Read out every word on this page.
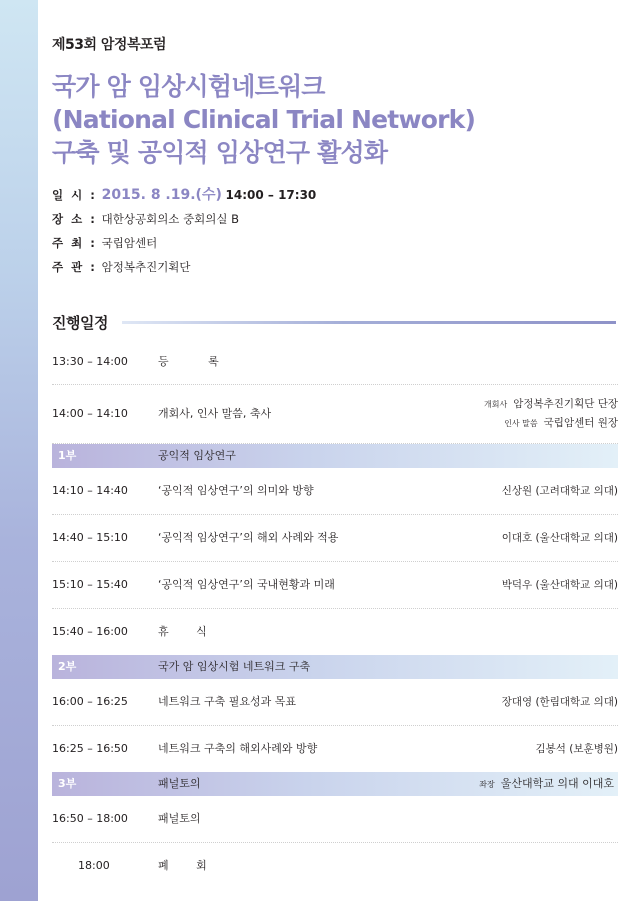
제53회 암정복포럼
국가 암 임상시험네트워크
(National Clinical Trial Network)
구축 및 공익적 임상연구 활성화
일 시 : 2015. 8 .19.(수) 14:00 – 17:30
장 소 : 대한상공회의소 중회의실 B
주 최 : 국립암센터
주 관 : 암정복추진기획단
진행일정
13:30 – 14:00	등 록
14:00 – 14:10	개회사, 인사 말씀, 축사
개회사 암정복추진기획단 단장
인사 말씀 국립암센터 원장
1부	공익적 임상연구
14:10 – 14:40	‘공익적 임상연구’의 의미와 방향	신상원 (고려대학교 의대)
14:40 – 15:10	‘공익적 임상연구’의 해외 사례와 적용	이대호 (울산대학교 의대)
15:10 – 15:40	‘공익적 임상연구’의 국내현황과 미래	박덕우 (울산대학교 의대)
15:40 – 16:00	휴 식
2부	국가 암 임상시험 네트워크 구축
16:00 – 16:25	네트워크 구축 필요성과 목표	장대영 (한림대학교 의대)
16:25 – 16:50	네트워크 구축의 해외사례와 방향	김봉석 (보훈병원)
3부	패널토의	좌장 울산대학교 의대 이대호
16:50 – 18:00	패널토의
18:00	폐 회
